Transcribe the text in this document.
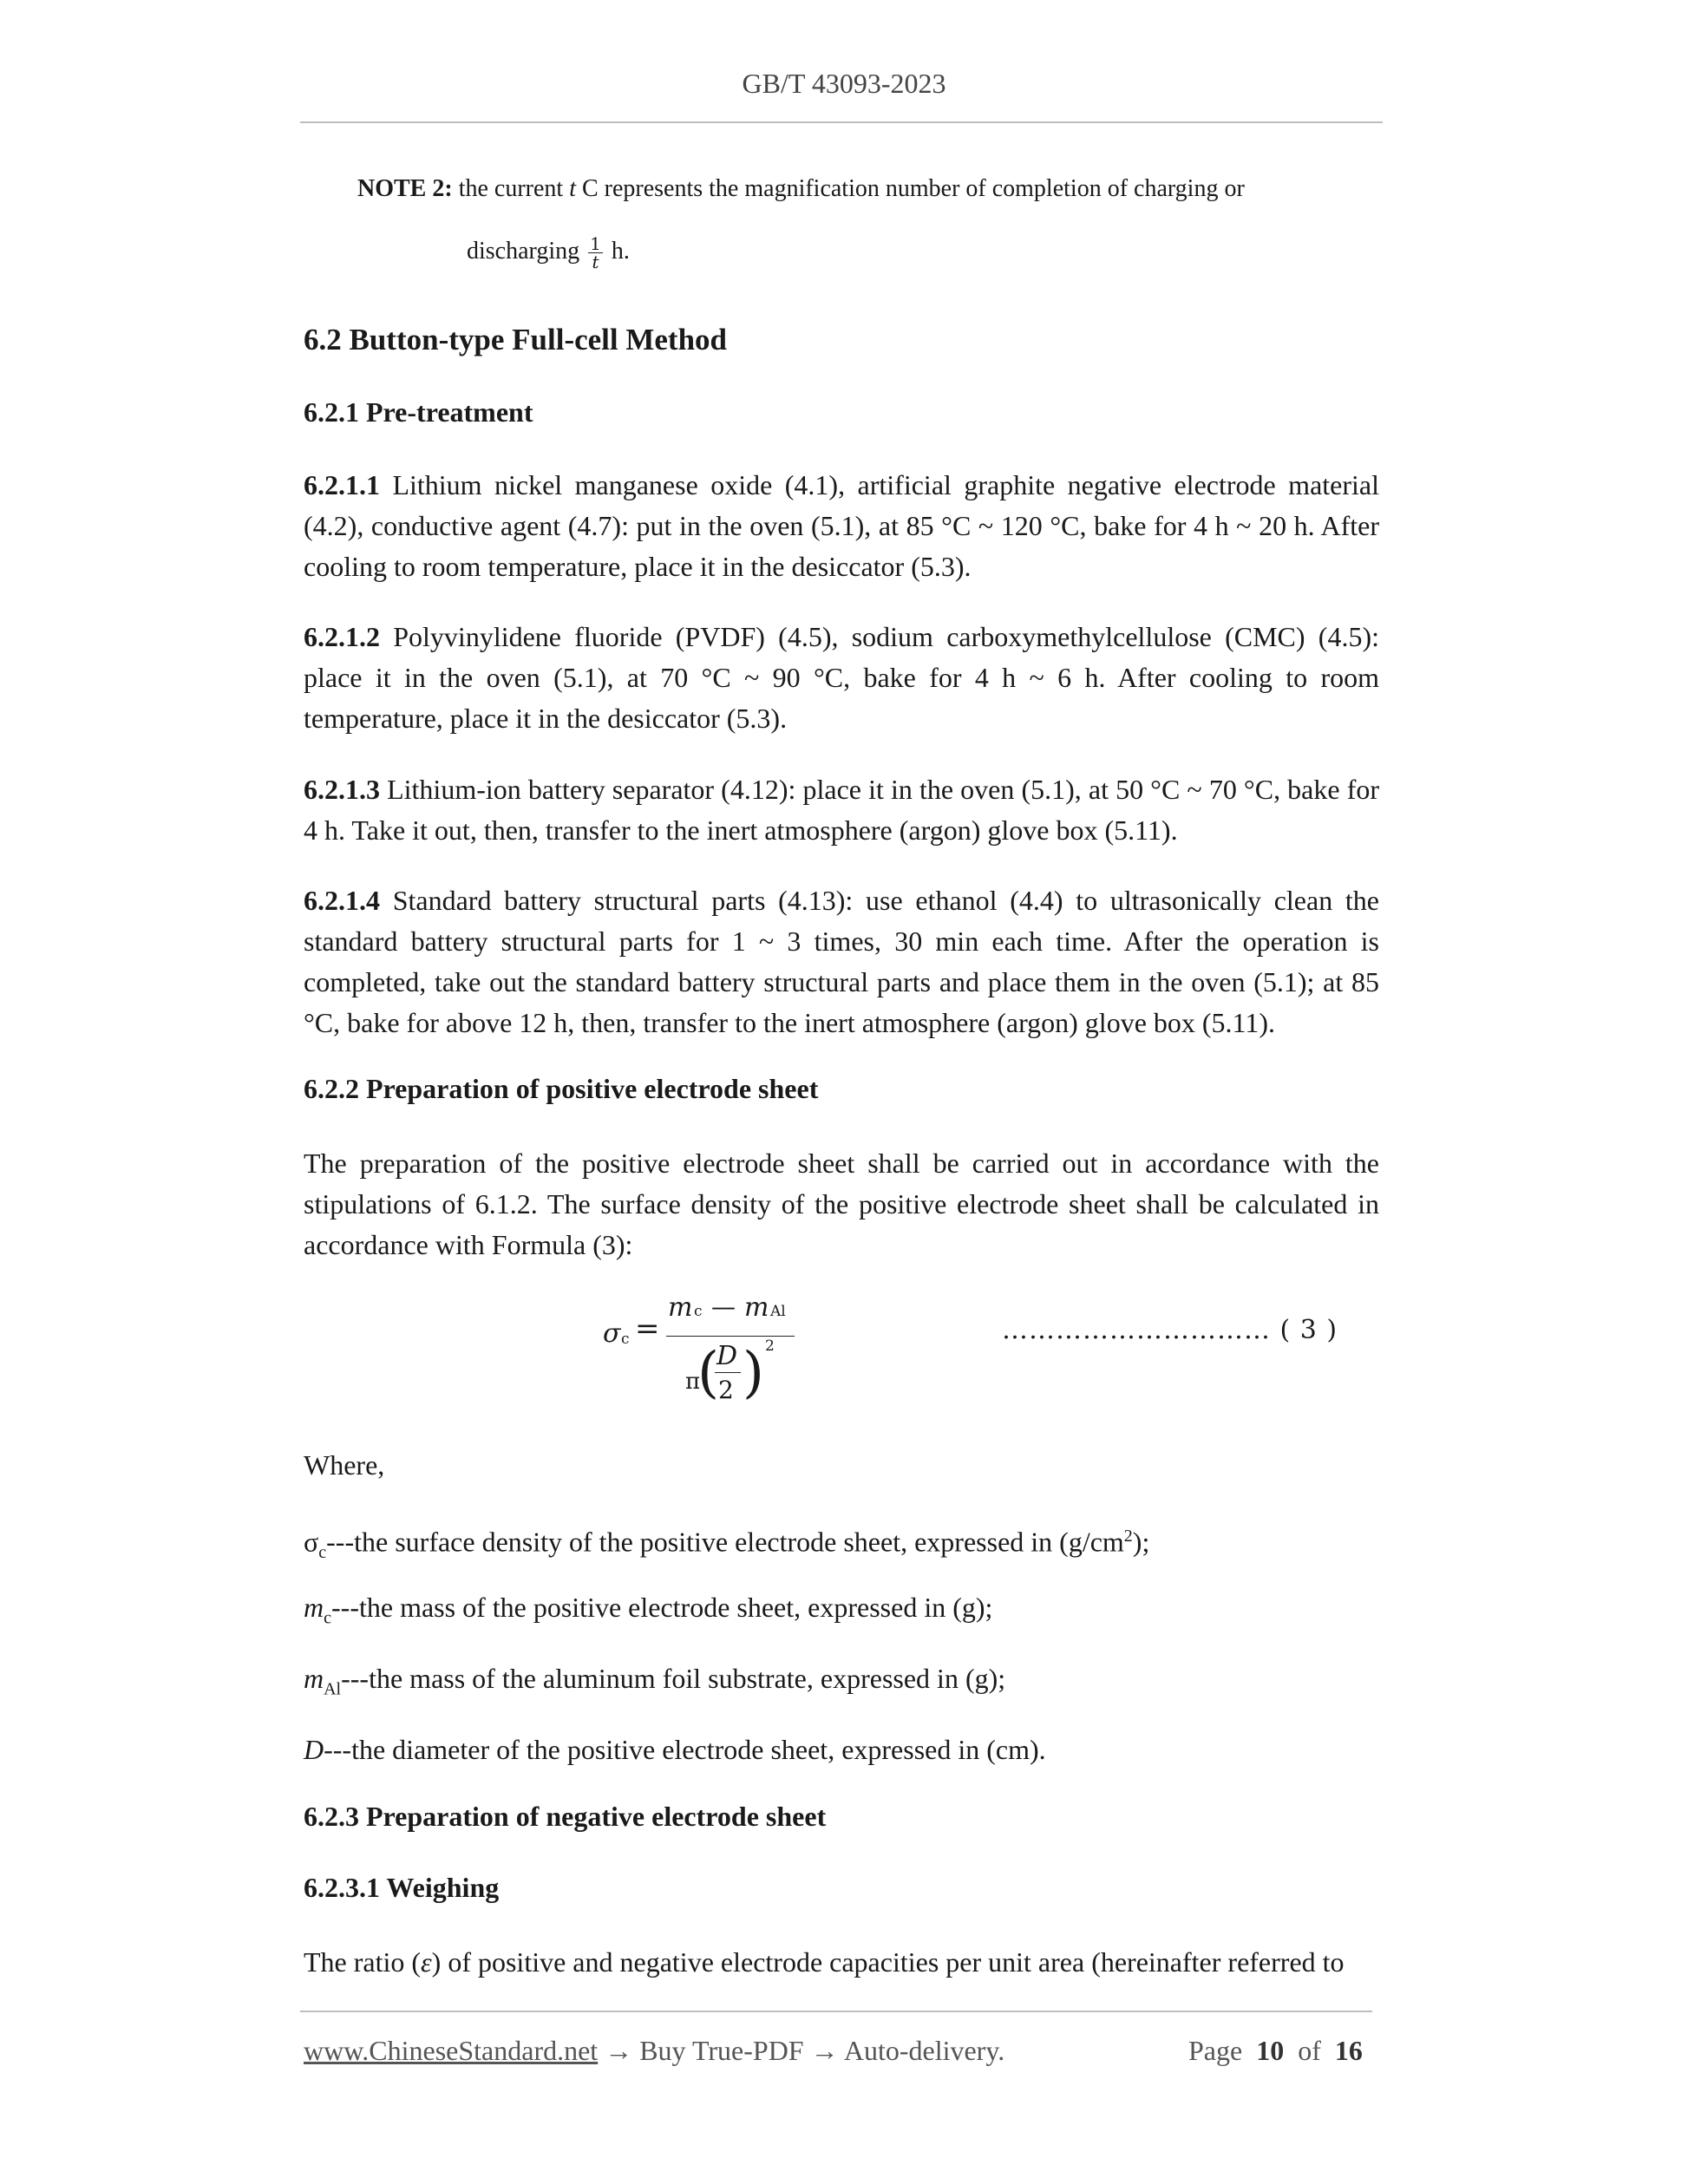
GB/T 43093-2023
NOTE 2: the current t C represents the magnification number of completion of charging or
discharging $\frac{1}{t} h$.
6.2 Button-type Full-cell Method
6.2.1 Pre-treatment
6.2.1.1 Lithium nickel manganese oxide (4.1), artificial graphite negative electrode material (4.2), conductive agent (4.7): put in the oven (5.1), at 85 °C ~ 120 °C, bake for 4 h ~ 20 h. After cooling to room temperature, place it in the desiccator (5.3).
6.2.1.2 Polyvinylidene fluoride (PVDF) (4.5), sodium carboxymethylcellulose (CMC) (4.5): place it in the oven (5.1), at 70 °C ~ 90 °C, bake for 4 h ~ 6 h. After cooling to room temperature, place it in the desiccator (5.3).
6.2.1.3 Lithium-ion battery separator (4.12): place it in the oven (5.1), at 50 °C ~ 70 °C, bake for 4 h. Take it out, then, transfer to the inert atmosphere (argon) glove box (5.11).
6.2.1.4 Standard battery structural parts (4.13): use ethanol (4.4) to ultrasonically clean the standard battery structural parts for 1 ~ 3 times, 30 min each time. After the operation is completed, take out the standard battery structural parts and place them in the oven (5.1); at 85 °C, bake for above 12 h, then, transfer to the inert atmosphere (argon) glove box (5.11).
6.2.2 Preparation of positive electrode sheet
The preparation of the positive electrode sheet shall be carried out in accordance with the stipulations of 6.1.2. The surface density of the positive electrode sheet shall be calculated in accordance with Formula (3):
σ c =
m c — m Al
π
(
D
2 ) 2
………………………… ( 3 )
Where,
$\sigma_c--$-the surface density of the positive electrode sheet, expressed in $(g/cm^2)$;
$m_c--$-the mass of the positive electrode sheet, expressed in (g);
$m_{Al}--$-the mass of the aluminum foil substrate, expressed in (g);
D---the diameter of the positive electrode sheet, expressed in (cm).
6.2.3 Preparation of negative electrode sheet
6.2.3.1 Weighing
The ratio (ε) of positive and negative electrode capacities per unit area (hereinafter referred to
www.ChineseStandard.net → Buy True-PDF → Auto-delivery.	Page 10 of 16
